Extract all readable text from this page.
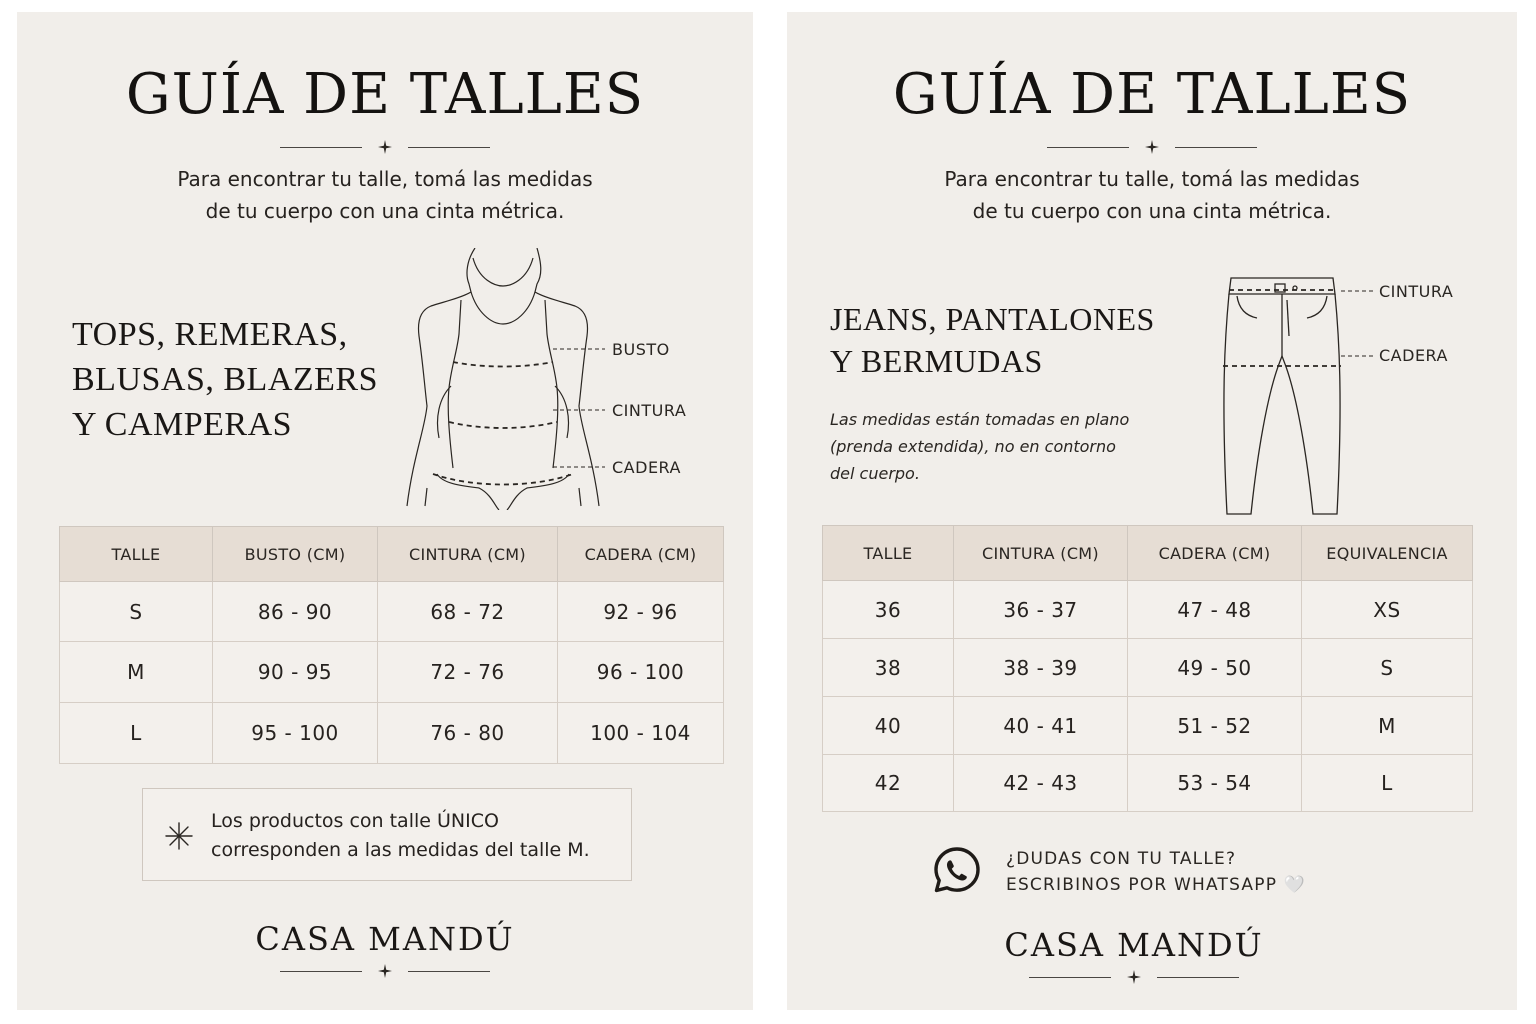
GUÍA DE TALLES
Para encontrar tu talle, tomá las medidas
de tu cuerpo con una cinta métrica.
TOPS, REMERAS,
BLUSAS, BLAZERS
Y CAMPERAS
BUSTO
CINTURA
CADERA
TALLE	BUSTO (CM)	CINTURA (CM)	CADERA (CM)
S	86 - 90	68 - 72	92 - 96
M	90 - 95	72 - 76	96 - 100
L	95 - 100	76 - 80	100 - 104
Los productos con talle ÚNICO
corresponden a las medidas del talle M.
CASA MANDÚ
GUÍA DE TALLES
Para encontrar tu talle, tomá las medidas
de tu cuerpo con una cinta métrica.
JEANS, PANTALONES
Y BERMUDAS
Las medidas están tomadas en plano
(prenda extendida), no en contorno
del cuerpo.
CINTURA
CADERA
TALLE	CINTURA (CM)	CADERA (CM)	EQUIVALENCIA
36	36 - 37	47 - 48	XS
38	38 - 39	49 - 50	S
40	40 - 41	51 - 52	M
42	42 - 43	53 - 54	L
¿DUDAS CON TU TALLE?
ESCRIBINOS POR WHATSAPP 🤍
CASA MANDÚ
